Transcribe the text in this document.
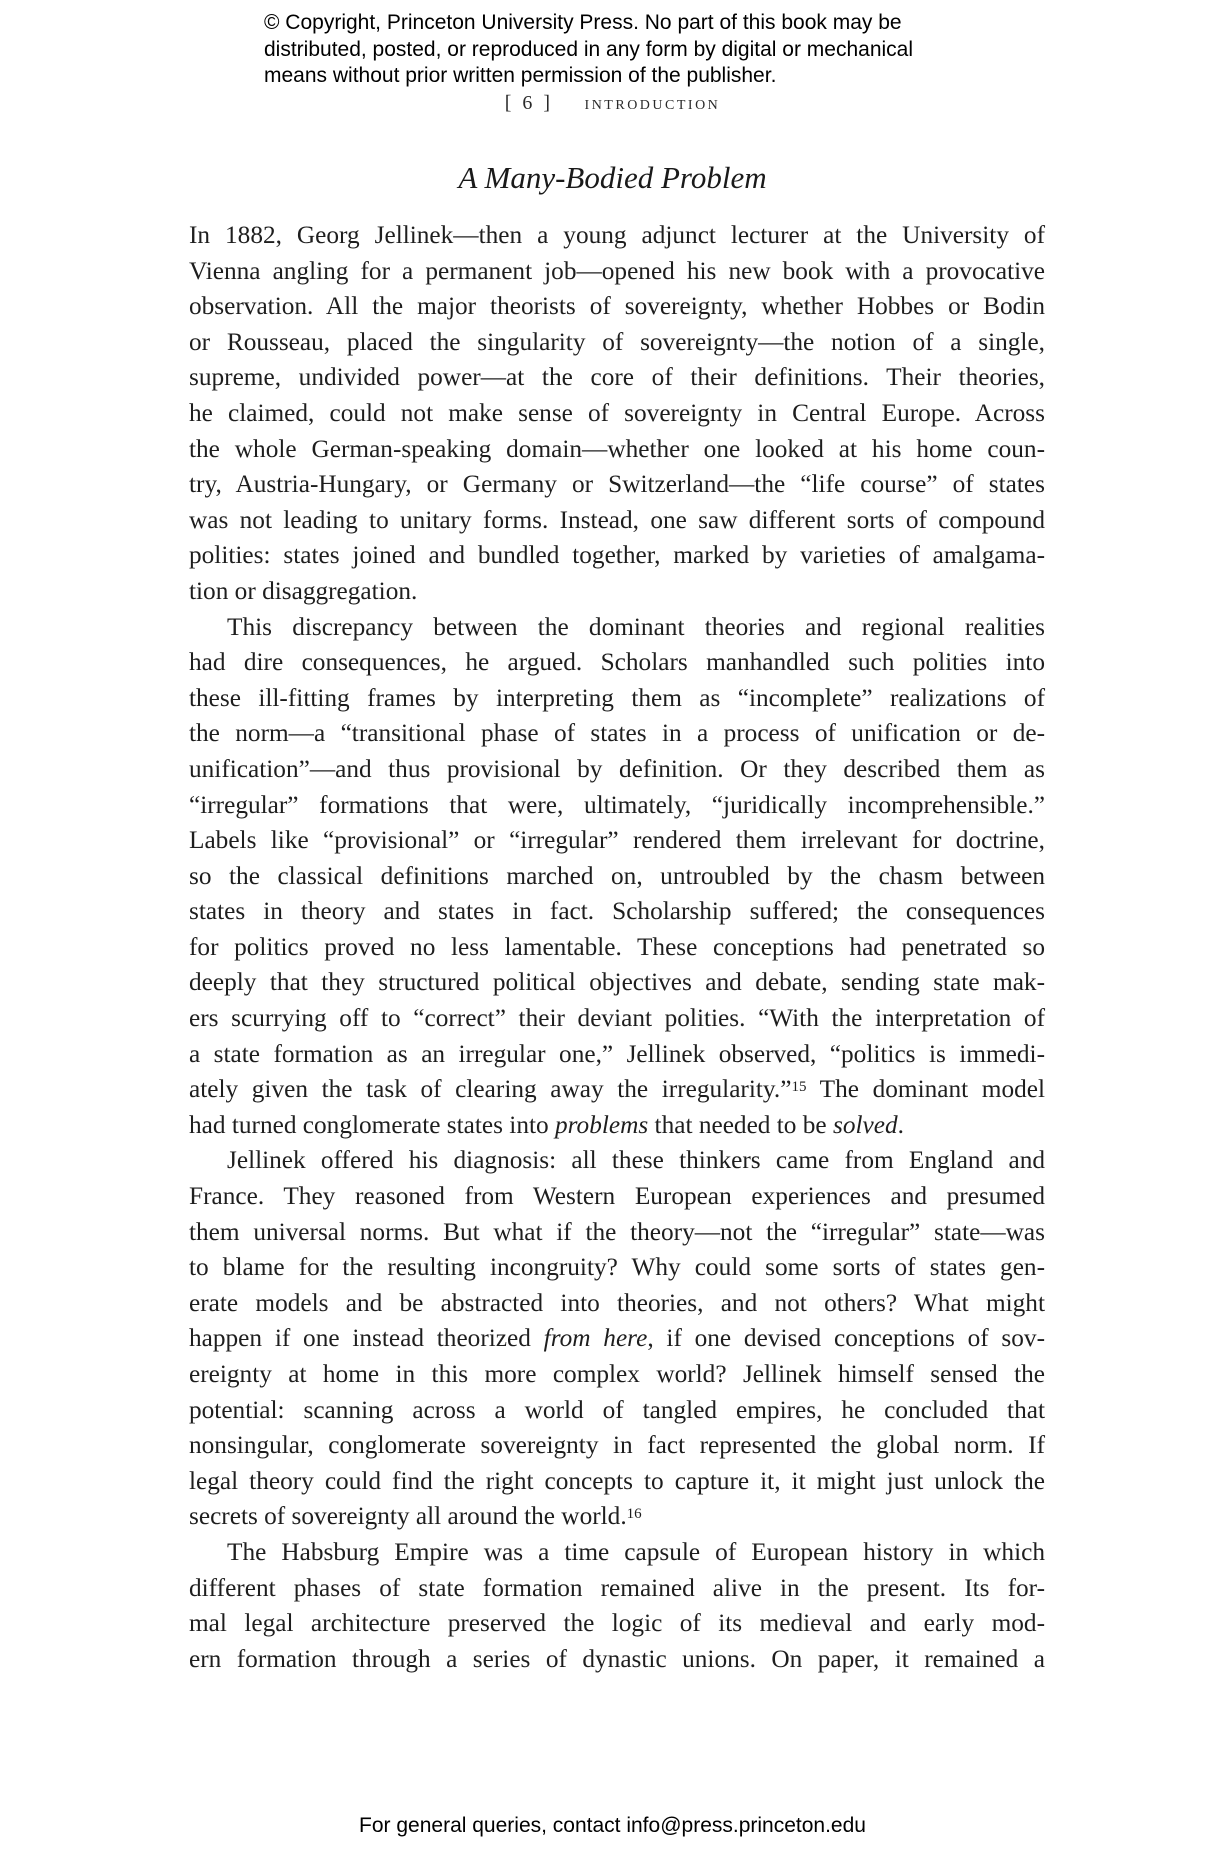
© Copyright, Princeton University Press. No part of this book may be
distributed, posted, or reproduced in any form by digital or mechanical
means without prior written permission of the publisher.
[ 6 ] introduction
A Many-Bodied Problem
In 1882, Georg Jellinek—then a young adjunct lecturer at the University of
Vienna angling for a permanent job—opened his new book with a provocative
observation. All the major theorists of sovereignty, whether Hobbes or Bodin
or Rousseau, placed the singularity of sovereignty—the notion of a single,
supreme, undivided power—at the core of their definitions. Their theories,
he claimed, could not make sense of sovereignty in Central Europe. Across
the whole German-speaking domain—whether one looked at his home coun-
try, Austria-Hungary, or Germany or Switzerland—the “life course” of states
was not leading to unitary forms. Instead, one saw different sorts of compound
polities: states joined and bundled together, marked by varieties of amalgama-
tion or disaggregation.
This discrepancy between the dominant theories and regional realities
had dire consequences, he argued. Scholars manhandled such polities into
these ill-fitting frames by interpreting them as “incomplete” realizations of
the norm—a “transitional phase of states in a process of unification or de-
unification”—and thus provisional by definition. Or they described them as
“irregular” formations that were, ultimately, “juridically incomprehensible.”
Labels like “provisional” or “irregular” rendered them irrelevant for doctrine,
so the classical definitions marched on, untroubled by the chasm between
states in theory and states in fact. Scholarship suffered; the consequences
for politics proved no less lamentable. These conceptions had penetrated so
deeply that they structured political objectives and debate, sending state mak-
ers scurrying off to “correct” their deviant polities. “With the interpretation of
a state formation as an irregular one,” Jellinek observed, “politics is immedi-
ately given the task of clearing away the irregularity.”$^{15}$ The dominant model
had turned conglomerate states into problems that needed to be solved.
Jellinek offered his diagnosis: all these thinkers came from England and
France. They reasoned from Western European experiences and presumed
them universal norms. But what if the theory—not the “irregular” state—was
to blame for the resulting incongruity? Why could some sorts of states gen-
erate models and be abstracted into theories, and not others? What might
happen if one instead theorized from here, if one devised conceptions of sov-
ereignty at home in this more complex world? Jellinek himself sensed the
potential: scanning across a world of tangled empires, he concluded that
nonsingular, conglomerate sovereignty in fact represented the global norm. If
legal theory could find the right concepts to capture it, it might just unlock the
secrets of sovereignty all around the world.$^{16}$
The Habsburg Empire was a time capsule of European history in which
different phases of state formation remained alive in the present. Its for-
mal legal architecture preserved the logic of its medieval and early mod-
ern formation through a series of dynastic unions. On paper, it remained a
For general queries, contact info@press.princeton.edu
